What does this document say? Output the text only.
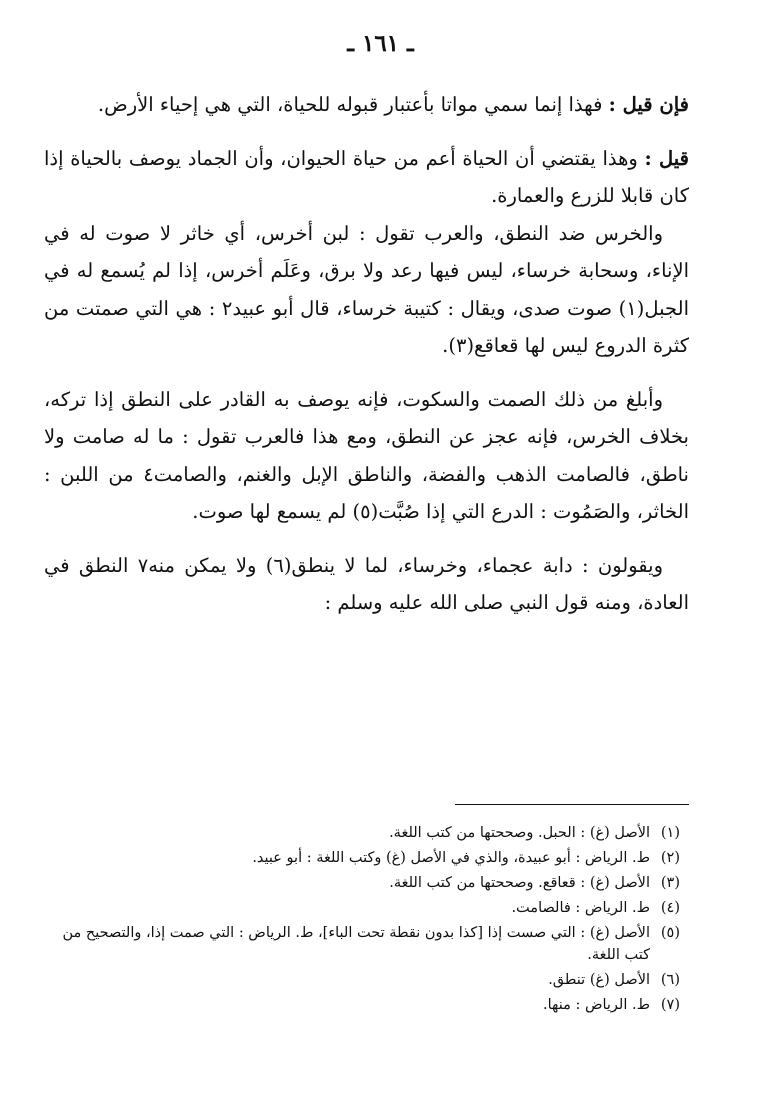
ـ ١٦١ ـ

فإن قيل : فهذا إنما سمي مواتا بأعتبار قبوله للحياة، التي هي إحياء الأرض.

قيل : وهذا يقتضي أن الحياة أعم من حياة الحيوان، وأن الجماد يوصف بالحياة إذا كان قابلا للزرع والعمارة.

والخرس ضد النطق، والعرب تقول : لبن أخرس، أي خاثر لا صوت له في الإناء، وسحابة خرساء، ليس فيها رعد ولا برق، وعَلَم أخرس، إذا لم يُسمع له في الجبل(١) صوت صدى، ويقال : كتيبة خرساء، قال أبو عبيد٢ : هي التي صمتت من كثرة الدروع ليس لها قعاقع(٣).

وأبلغ من ذلك الصمت والسكوت، فإنه يوصف به القادر على النطق إذا تركه، بخلاف الخرس، فإنه عجز عن النطق، ومع هذا فالعرب تقول : ما له صامت ولا ناطق، فالصامت الذهب والفضة، والناطق الإبل والغنم، والصامت٤ من اللبن : الخاثر، والصَمُوت : الدرع التي إذا صُبَّت(٥) لم يسمع لها صوت.

ويقولون : دابة عجماء، وخرساء، لما لا ينطق(٦) ولا يمكن منه٧ النطق في العادة، ومنه قول النبي صلى الله عليه وسلم :

(١)
الأصل (غ) : الحبل. وصححتها من كتب اللغة.
(٢)
ط. الرياض : أبو عبيدة، والذي في الأصل (غ) وكتب اللغة : أبو عبيد.
(٣)
الأصل (غ) : قعاقع. وصححتها من كتب اللغة.
(٤)
ط. الرياض : فالصامت.
(٥)
الأصل (غ) : التي صست إذا [كذا بدون نقطة تحت الباء]، ط. الرياض : التي صمت إذا، والتصحيح من كتب اللغة.
(٦)
الأصل (غ) تنطق.
(٧)
ط. الرياض : منها.
